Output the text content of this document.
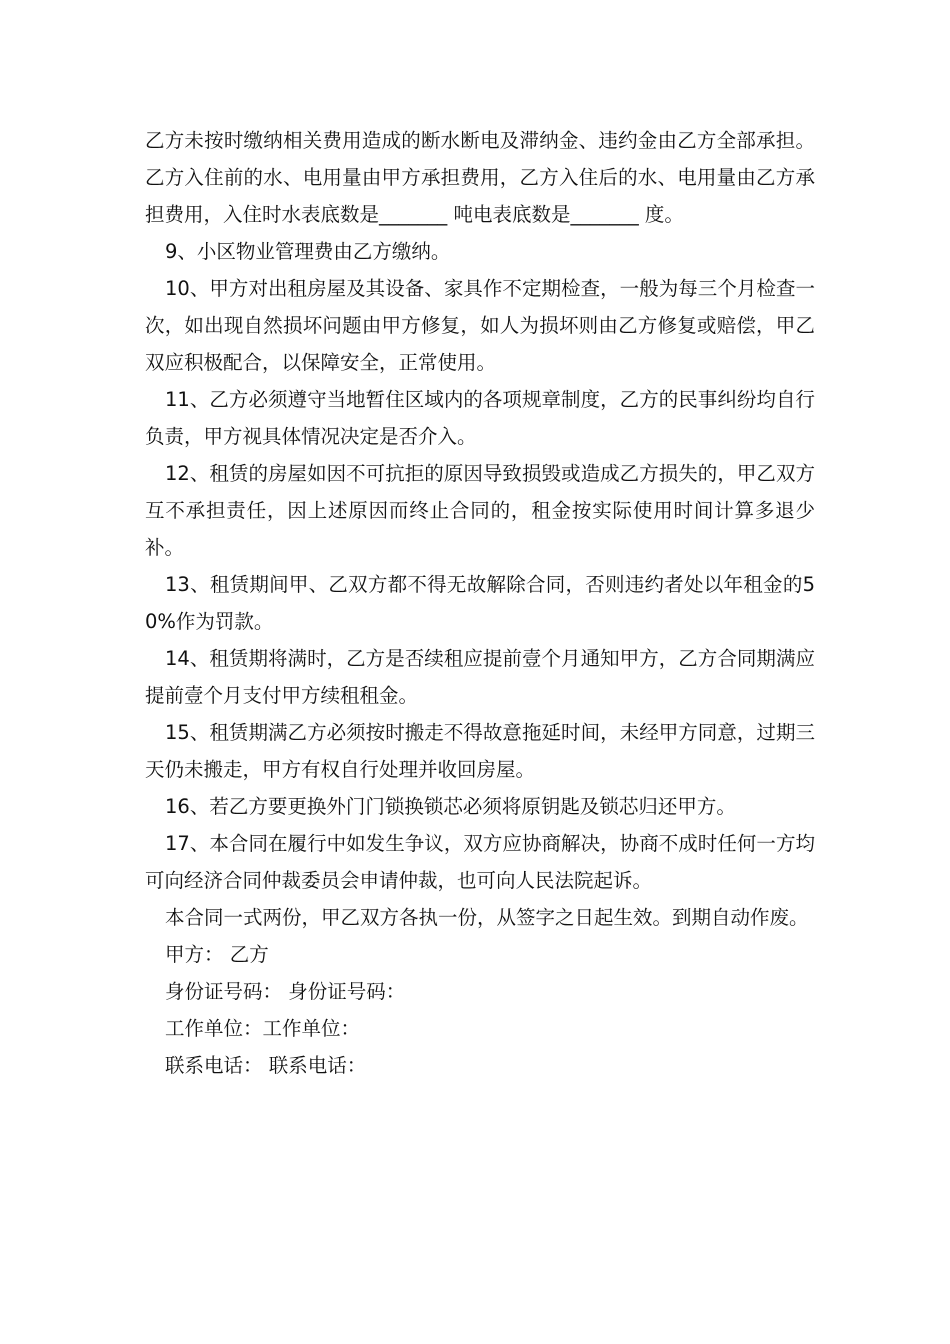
乙方未按时缴纳相关费用造成的断水断电及滞纳金、违约金由乙方全部承担。乙方入住前的水、电用量由甲方承担费用，乙方入住后的水、电用量由乙方承担费用，入住时水表底数是_______ 吨电表底数是_______ 度。

9、小区物业管理费由乙方缴纳。

10、甲方对出租房屋及其设备、家具作不定期检查，一般为每三个月检查一次，如出现自然损坏问题由甲方修复，如人为损坏则由乙方修复或赔偿，甲乙双应积极配合，以保障安全，正常使用。

11、乙方必须遵守当地暂住区域内的各项规章制度，乙方的民事纠纷均自行负责，甲方视具体情况决定是否介入。

12、租赁的房屋如因不可抗拒的原因导致损毁或造成乙方损失的，甲乙双方互不承担责任，因上述原因而终止合同的，租金按实际使用时间计算多退少补。

13、租赁期间甲、乙双方都不得无故解除合同，否则违约者处以年租金的50%作为罚款。

14、租赁期将满时，乙方是否续租应提前壹个月通知甲方，乙方合同期满应提前壹个月支付甲方续租租金。

15、租赁期满乙方必须按时搬走不得故意拖延时间，未经甲方同意，过期三天仍未搬走，甲方有权自行处理并收回房屋。

16、若乙方要更换外门门锁换锁芯必须将原钥匙及锁芯归还甲方。

17、本合同在履行中如发生争议，双方应协商解决，协商不成时任何一方均可向经济合同仲裁委员会申请仲裁，也可向人民法院起诉。

本合同一式两份，甲乙双方各执一份，从签字之日起生效。到期自动作废。

甲方： 乙方

身份证号码： 身份证号码：

工作单位：工作单位：

联系电话： 联系电话：
